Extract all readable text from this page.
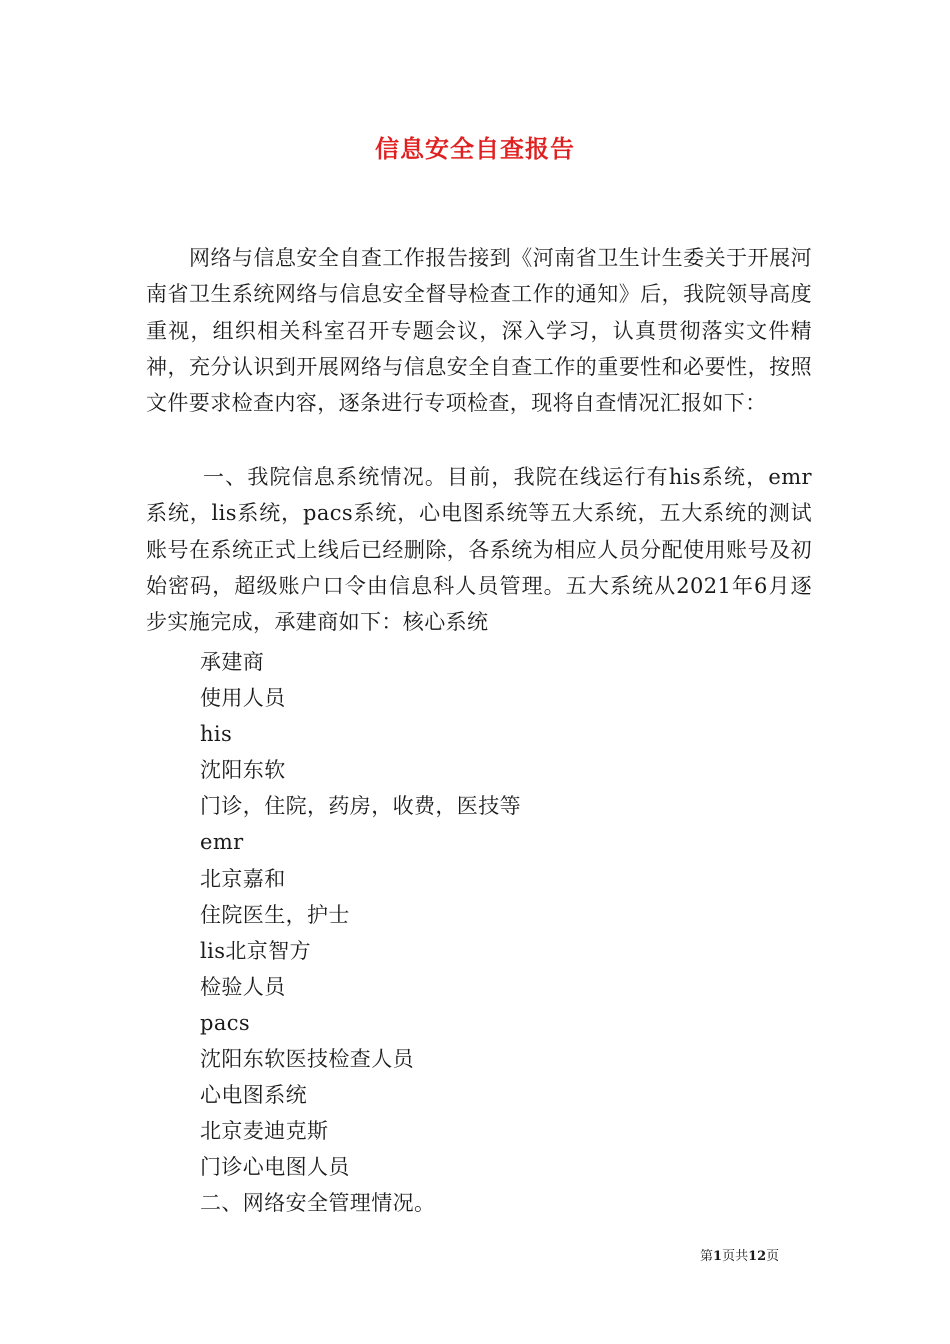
信息安全自查报告

网络与信息安全自查工作报告接到《河南省卫生计生委关于开展河南省卫生系统网络与信息安全督导检查工作的通知》后，我院领导高度重视，组织相关科室召开专题会议，深入学习，认真贯彻落实文件精神，充分认识到开展网络与信息安全自查工作的重要性和必要性，按照文件要求检查内容，逐条进行专项检查，现将自查情况汇报如下：

一、我院信息系统情况。目前，我院在线运行有his系统，emr系统，lis系统，pacs系统，心电图系统等五大系统，五大系统的测试账号在系统正式上线后已经删除，各系统为相应人员分配使用账号及初始密码，超级账户口令由信息科人员管理。五大系统从2021年6月逐步实施完成，承建商如下：核心系统

承建商
使用人员
his
沈阳东软
门诊，住院，药房，收费，医技等
emr
北京嘉和
住院医生，护士
lis北京智方
检验人员
pacs
沈阳东软医技检查人员
心电图系统
北京麦迪克斯
门诊心电图人员
二、网络安全管理情况。
第1页共12页
